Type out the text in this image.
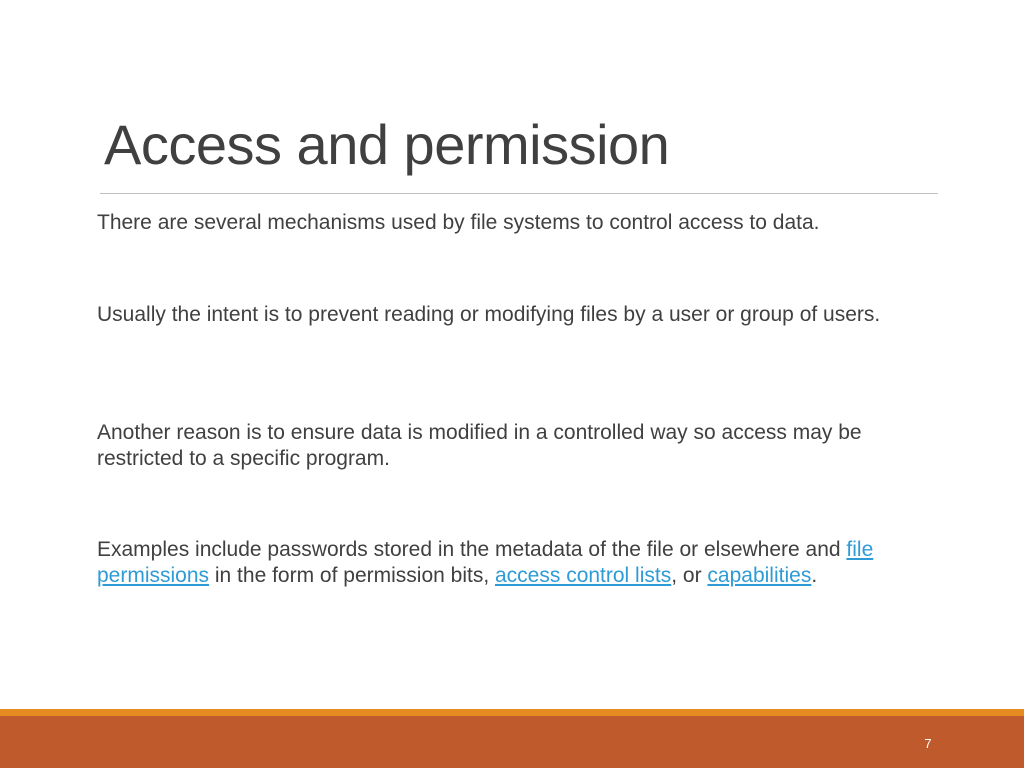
Access and permission

There are several mechanisms used by file systems to control access to data.

Usually the intent is to prevent reading or modifying files by a user or group of users.

Another reason is to ensure data is modified in a controlled way so access may be restricted to a specific program.

Examples include passwords stored in the metadata of the file or elsewhere and file permissions in the form of permission bits, access control lists, or capabilities.

7
